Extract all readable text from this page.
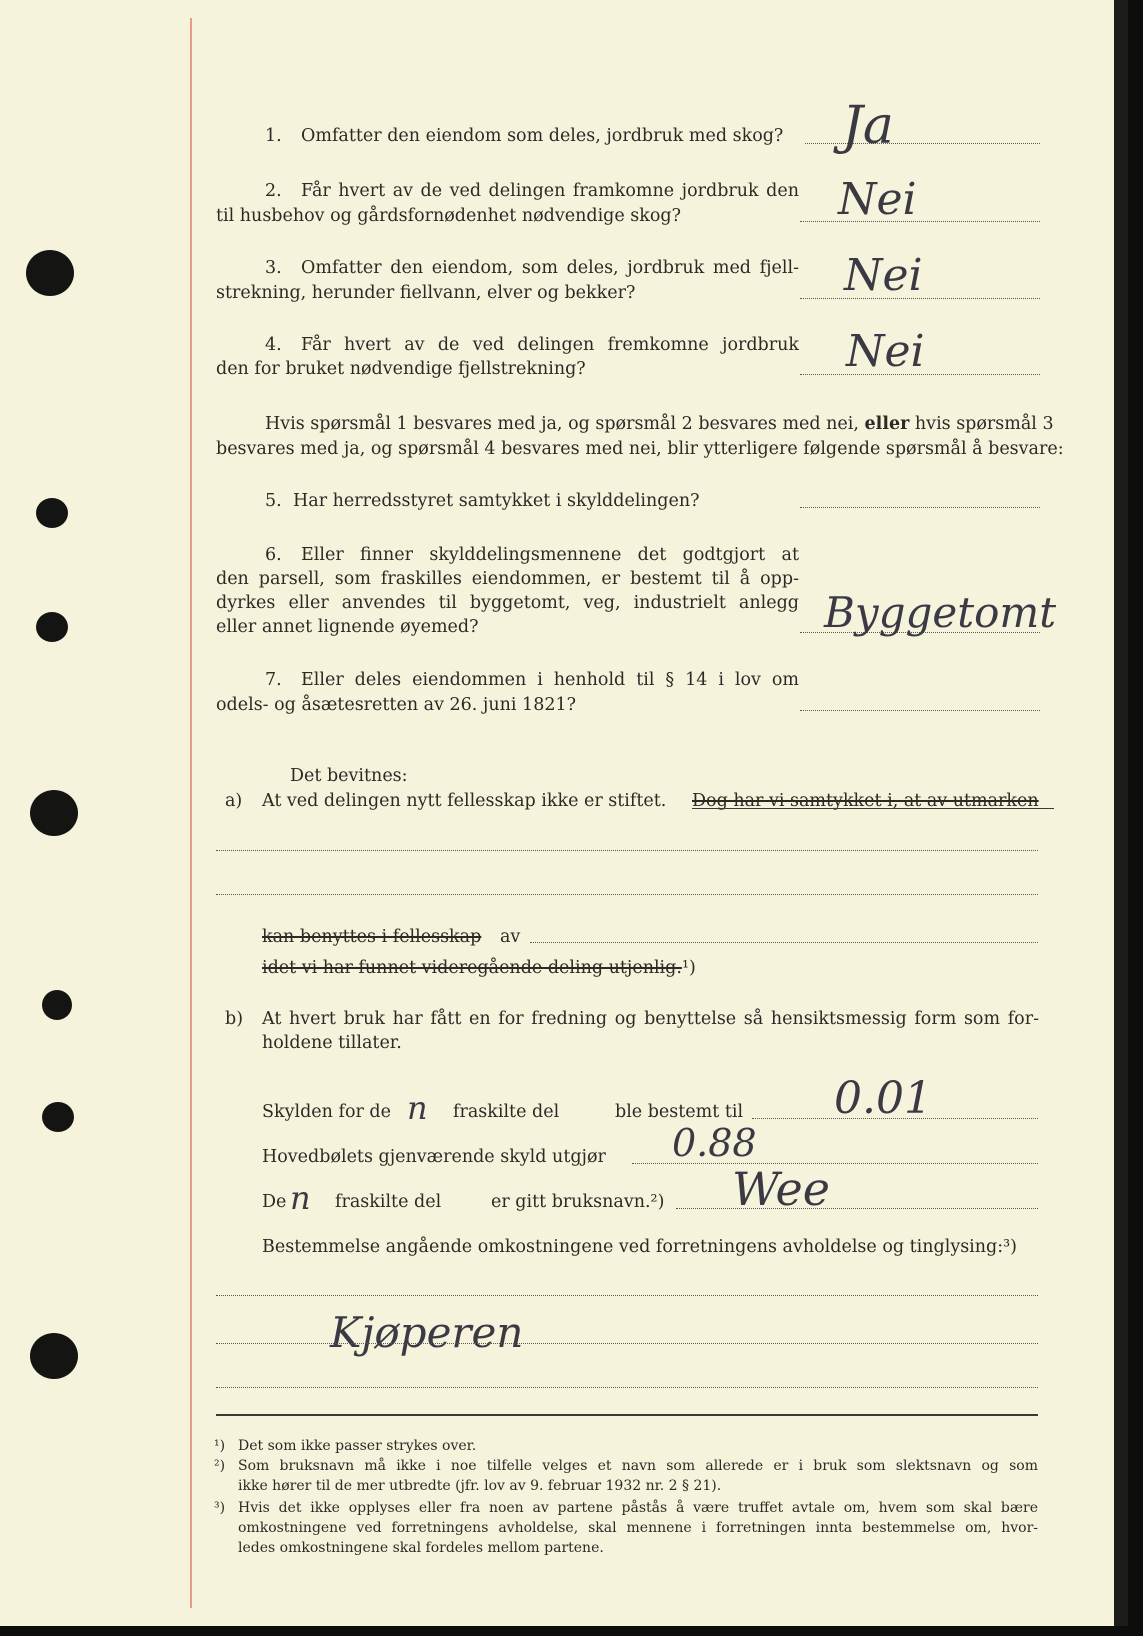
1. Omfatter den eiendom som deles, jordbruk med skog? Ja
2. Får hvert av de ved delingen framkomne jordbruk den
til husbehov og gårdsfornødenhet nødvendige skog?	Nei
3. Omfatter den eiendom, som deles, jordbruk med fjell-
strekning, herunder fiellvann, elver og bekker?	Nei
4. Får hvert av de ved delingen fremkomne jordbruk
den for bruket nødvendige fjellstrekning?	Nei
Hvis spørsmål 1 besvares med ja, og spørsmål 2 besvares med nei, eller hvis spørsmål 3
besvares med ja, og spørsmål 4 besvares med nei, blir ytterligere følgende spørsmål å besvare:
5. Har herredsstyret samtykket i skylddelingen?
6. Eller finner skylddelingsmennene det godtgjort at
den parsell, som fraskilles eiendommen, er bestemt til å opp-
dyrkes eller anvendes til byggetomt, veg, industrielt anlegg
eller annet lignende øyemed?	Byggetomt
7. Eller deles eiendommen i henhold til § 14 i lov om
odels- og åsætesretten av 26. juni 1821?
Det bevitnes:
a) At ved delingen nytt fellesskap ikke er stiftet. Dog har vi samtykket i, at av utmarken
kan benyttes i fellesskap av
idet vi har funnet videregående deling utjenlig.¹)
b) At hvert bruk har fått en for fredning og benyttelse så hensiktsmessig form som for-
holdene tillater.
Skylden for de n fraskilte del	ble bestemt til 0.01
Hovedbølets gjenværende skyld utgjør 0.88
De n fraskilte del	er gitt bruksnavn.²) Wee
Bestemmelse angående omkostningene ved forretningens avholdelse og tinglysing:³)
Kjøperen
¹) Det som ikke passer strykes over.
²) Som bruksnavn må ikke i noe tilfelle velges et navn som allerede er i bruk som slektsnavn og som
ikke hører til de mer utbredte (jfr. lov av 9. februar 1932 nr. 2 § 21).
³) Hvis det ikke opplyses eller fra noen av partene påstås å være truffet avtale om, hvem som skal bære
omkostningene ved forretningens avholdelse, skal mennene i forretningen innta bestemmelse om, hvor-
ledes omkostningene skal fordeles mellom partene.
